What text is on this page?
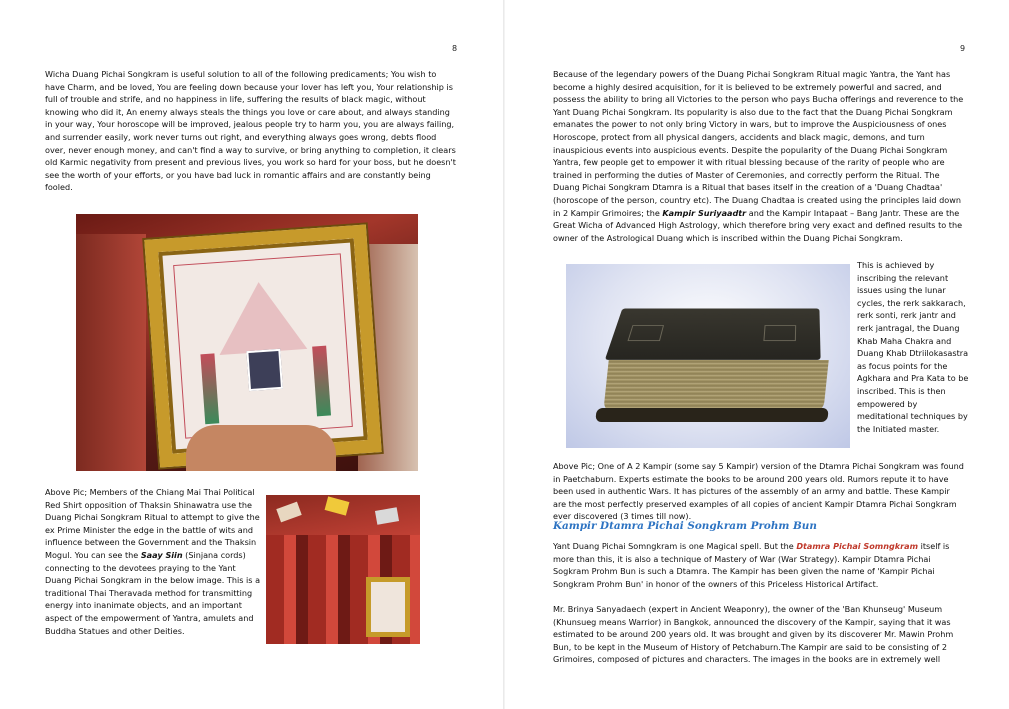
8

Wicha Duang Pichai Songkram is useful solution to all of the following predicaments; You wish to have Charm, and be loved, You are feeling down because your lover has left you, Your relationship is full of trouble and strife, and no happiness in life, suffering the results of black magic, without knowing who did it, An enemy always steals the things you love or care about, and always standing in your way, Your horoscope will be improved, jealous people try to harm you, you are always failing, and surrender easily, work never turns out right, and everything always goes wrong, debts flood over, never enough money, and can't find a way to survive, or bring anything to completion, it clears old Karmic negativity from present and previous lives, you work so hard for your boss, but he doesn't see the worth of your efforts, or you have bad luck in romantic affairs and are constantly being fooled.

Above Pic; Members of the Chiang Mai Thai Political Red Shirt opposition of Thaksin Shinawatra use the Duang Pichai Songkram Ritual to attempt to give the ex Prime Minister the edge in the battle of wits and influence between the Government and the Thaksin Mogul. You can see the Saay Siin (Sinjana cords) connecting to the devotees praying to the Yant Duang Pichai Songkram in the below image. This is a traditional Thai Theravada method for transmitting energy into inanimate objects, and an important aspect of the empowerment of Yantra, amulets and Buddha Statues and other Deities.

9

Because of the legendary powers of the Duang Pichai Songkram Ritual magic Yantra, the Yant has become a highly desired acquisition, for it is believed to be extremely powerful and sacred, and possess the ability to bring all Victories to the person who pays Bucha offerings and reverence to the Yant Duang Pichai Songkram. Its popularity is also due to the fact that the Duang Pichai Songkram emanates the power to not only bring Victory in wars, but to improve the Auspiciousness of ones Horoscope, protect from all physical dangers, accidents and black magic, demons, and turn inauspicious events into auspicious events. Despite the popularity of the Duang Pichai Songkram Yantra, few people get to empower it with ritual blessing because of the rarity of people who are trained in performing the duties of Master of Ceremonies, and correctly perform the Ritual. The Duang Pichai Songkram Dtamra is a Ritual that bases itself in the creation of a 'Duang Chadtaa' (horoscope of the person, country etc). The Duang Chadtaa is created using the principles laid down in 2 Kampir Grimoires; the Kampir Suriyaadtr and the Kampir Intapaat – Bang Jantr. These are the Great Wicha of Advanced High Astrology, which therefore bring very exact and defined results to the owner of the Astrological Duang which is inscribed within the Duang Pichai Songkram.

This is achieved by inscribing the relevant issues using the lunar cycles, the rerk sakkarach, rerk sonti, rerk jantr and rerk jantragal, the Duang Khab Maha Chakra and Duang Khab Dtriilokasastra as focus points for the Agkhara and Pra Kata to be inscribed. This is then empowered by meditational techniques by the Initiated master.

Above Pic; One of A 2 Kampir (some say 5 Kampir) version of the Dtamra Pichai Songkram was found in Paetchaburn. Experts estimate the books to be around 200 years old. Rumors repute it to have been used in authentic Wars. It has pictures of the assembly of an army and battle. These Kampir are the most perfectly preserved examples of all copies of ancient Kampir Dtamra Pichai Songkram ever discovered (3 times till now).

Kampir Dtamra Pichai Songkram Prohm Bun

Yant Duang Pichai Somngkram is one Magical spell. But the Dtamra Pichai Somngkram itself is more than this, it is also a technique of Mastery of War (War Strategy). Kampir Dtamra Pichai Sogkram Prohm Bun is such a Dtamra. The Kampir has been given the name of 'Kampir Pichai Songkram Prohm Bun' in honor of the owners of this Priceless Historical Artifact.

Mr. Brinya Sanyadaech (expert in Ancient Weaponry), the owner of the 'Ban Khunseug' Museum (Khunsueg means Warrior) in Bangkok, announced the discovery of the Kampir, saying that it was estimated to be around 200 years old. It was brought and given by its discoverer Mr. Mawin Prohm Bun, to be kept in the Museum of History of Petchaburn.The Kampir are said to be consisting of 2 Grimoires, composed of pictures and characters. The images in the books are in extremely well
